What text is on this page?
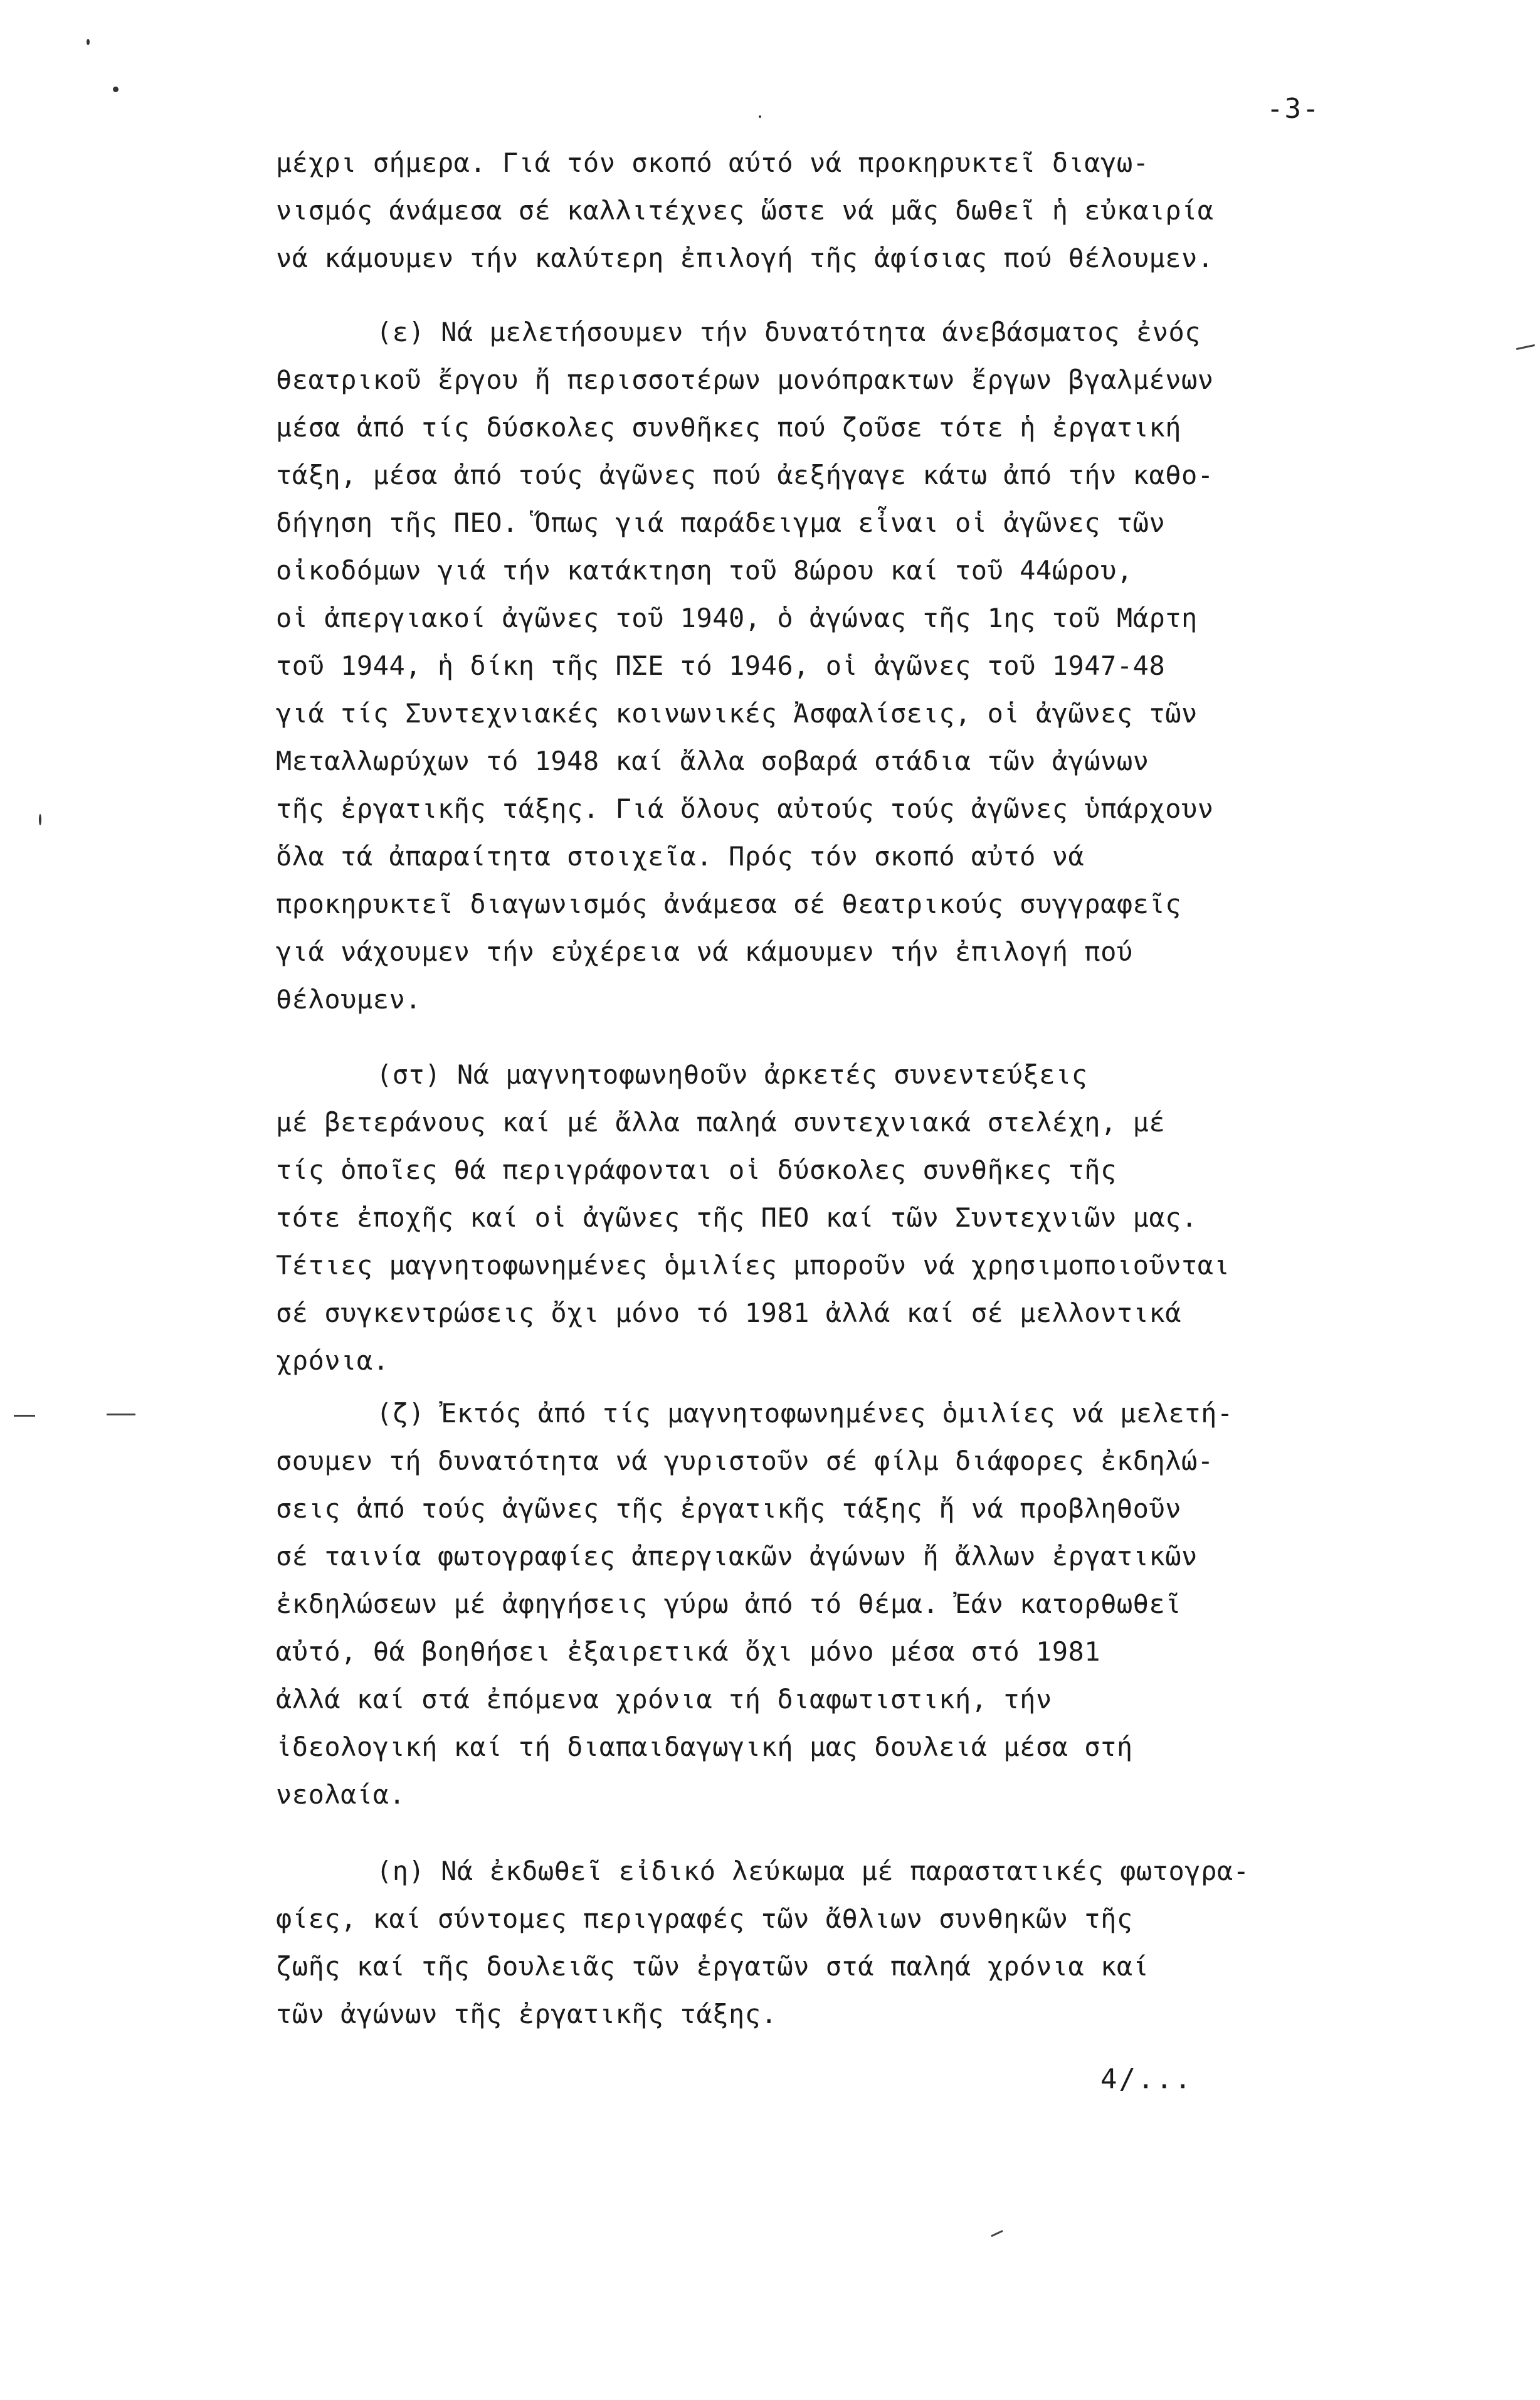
-3-
μέχρι σήμερα. Γιά τόν σκοπό αύτό νά προκηρυκτεῖ διαγω-
νισμός άνάμεσα σέ καλλιτέχνες ὥστε νά μᾶς δωθεῖ ἡ εὐκαιρία
νά κάμουμεν τήν καλύτερη ἐπιλογή τῆς ἀφίσιας πού θέλουμεν.
(ε) Νά μελετήσουμεν τήν δυνατότητα άνεβάσματος ἐνός
θεατρικοῦ ἔργου ἤ περισσοτέρων μονόπρακτων ἔργων βγαλμένων
μέσα ἀπό τίς δύσκολες συνθῆκες πού ζοῦσε τότε ἡ ἐργατική
τάξη, μέσα ἀπό τούς ἀγῶνες πού ἀεξήγαγε κάτω ἀπό τήν καθο-
δήγηση τῆς ΠΕΟ. Ὅπως γιά παράδειγμα εἶναι οἱ ἀγῶνες τῶν
οἰκοδόμων γιά τήν κατάκτηση τοῦ 8ώρου καί τοῦ 44ώρου,
οἱ ἀπεργιακοί ἀγῶνες τοῦ 1940, ὁ ἀγώνας τῆς 1ης τοῦ Μάρτη
τοῦ 1944, ἡ δίκη τῆς ΠΣΕ τό 1946, οἱ ἀγῶνες τοῦ 1947-48
γιά τίς Συντεχνιακές κοινωνικές Ἀσφαλίσεις, οἱ ἀγῶνες τῶν
Μεταλλωρύχων τό 1948 καί ἄλλα σοβαρά στάδια τῶν ἀγώνων
τῆς ἐργατικῆς τάξης. Γιά ὅλους αὐτούς τούς ἀγῶνες ὑπάρχουν
ὅλα τά ἀπαραίτητα στοιχεῖα. Πρός τόν σκοπό αὐτό νά
προκηρυκτεῖ διαγωνισμός ἀνάμεσα σέ θεατρικούς συγγραφεῖς
γιά νάχουμεν τήν εὐχέρεια νά κάμουμεν τήν ἐπιλογή πού
θέλουμεν.
(στ) Νά μαγνητοφωνηθοῦν ἀρκετές συνεντεύξεις
μέ βετεράνους καί μέ ἄλλα παληά συντεχνιακά στελέχη, μέ
τίς ὁποῖες θά περιγράφονται οἱ δύσκολες συνθῆκες τῆς
τότε ἐποχῆς καί οἱ ἀγῶνες τῆς ΠΕΟ καί τῶν Συντεχνιῶν μας.
Τέτιες μαγνητοφωνημένες ὁμιλίες μποροῦν νά χρησιμοποιοῦνται
σέ συγκεντρώσεις ὄχι μόνο τό 1981 ἀλλά καί σέ μελλοντικά
χρόνια.
(ζ) Ἐκτός ἀπό τίς μαγνητοφωνημένες ὁμιλίες νά μελετή-
σουμεν τή δυνατότητα νά γυριστοῦν σέ φίλμ διάφορες ἐκδηλώ-
σεις ἀπό τούς ἀγῶνες τῆς ἐργατικῆς τάξης ἤ νά προβληθοῦν
σέ ταινία φωτογραφίες ἀπεργιακῶν ἀγώνων ἤ ἄλλων ἐργατικῶν
ἐκδηλώσεων μέ ἀφηγήσεις γύρω ἀπό τό θέμα. Ἐάν κατορθωθεῖ
αὐτό, θά βοηθήσει ἐξαιρετικά ὄχι μόνο μέσα στό 1981
ἀλλά καί στά ἐπόμενα χρόνια τή διαφωτιστική, τήν
ἰδεολογική καί τή διαπαιδαγωγική μας δουλειά μέσα στή
νεολαία.
(η) Νά ἐκδωθεῖ εἰδικό λεύκωμα μέ παραστατικές φωτογρα-
φίες, καί σύντομες περιγραφές τῶν ἄθλιων συνθηκῶν τῆς
ζωῆς καί τῆς δουλειᾶς τῶν ἐργατῶν στά παληά χρόνια καί
τῶν ἀγώνων τῆς ἐργατικῆς τάξης.
4/...
